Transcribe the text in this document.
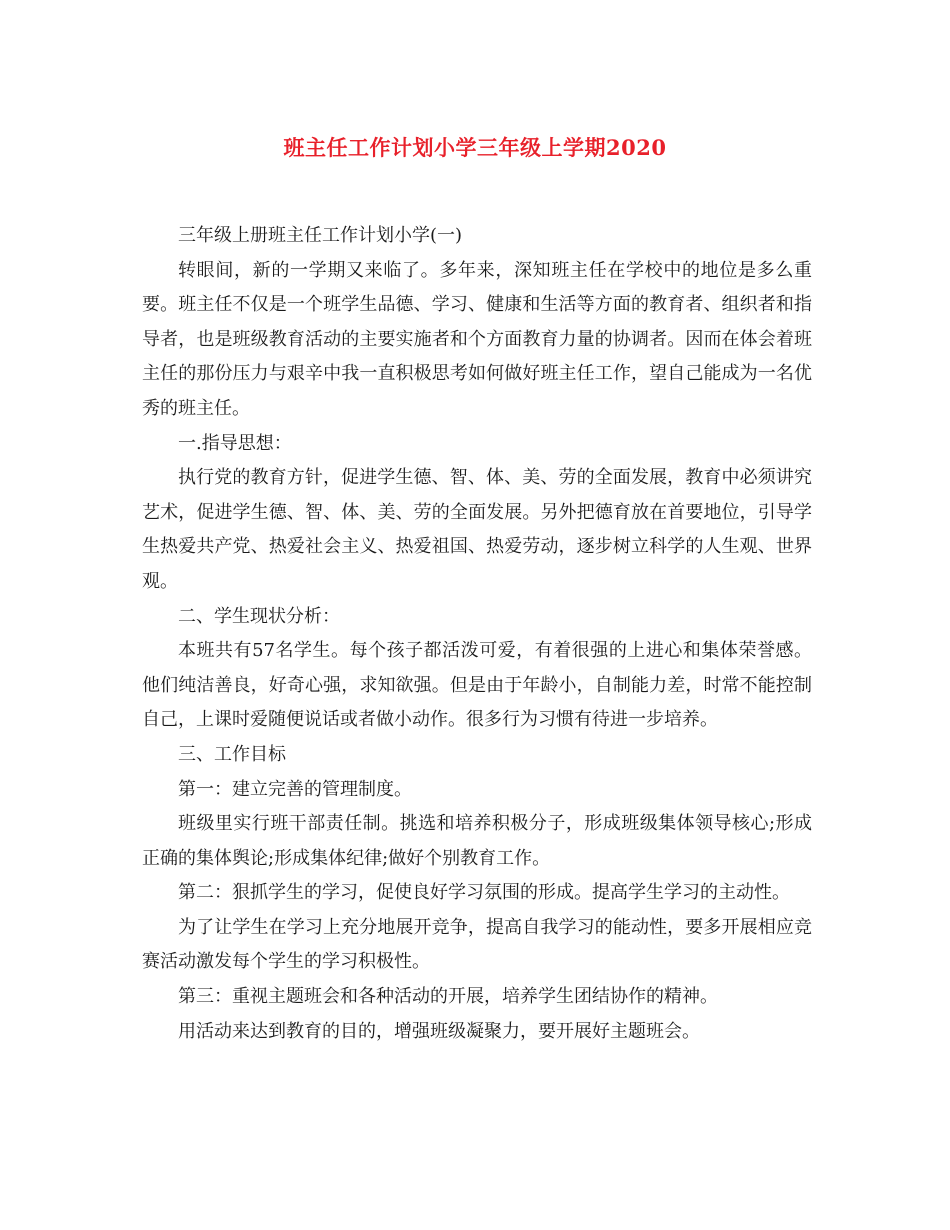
班主任工作计划小学三年级上学期2020

三年级上册班主任工作计划小学(一)

转眼间，新的一学期又来临了。多年来，深知班主任在学校中的地位是多么重要。班主任不仅是一个班学生品德、学习、健康和生活等方面的教育者、组织者和指导者，也是班级教育活动的主要实施者和个方面教育力量的协调者。因而在体会着班主任的那份压力与艰辛中我一直积极思考如何做好班主任工作，望自己能成为一名优秀的班主任。

一.指导思想：

执行党的教育方针，促进学生德、智、体、美、劳的全面发展，教育中必须讲究艺术，促进学生德、智、体、美、劳的全面发展。另外把德育放在首要地位，引导学生热爱共产党、热爱社会主义、热爱祖国、热爱劳动，逐步树立科学的人生观、世界观。

二、学生现状分析：

本班共有57名学生。每个孩子都活泼可爱，有着很强的上进心和集体荣誉感。他们纯洁善良，好奇心强，求知欲强。但是由于年龄小，自制能力差，时常不能控制自己，上课时爱随便说话或者做小动作。很多行为习惯有待进一步培养。

三、工作目标

第一：建立完善的管理制度。

班级里实行班干部责任制。挑选和培养积极分子，形成班级集体领导核心;形成正确的集体舆论;形成集体纪律;做好个别教育工作。

第二：狠抓学生的学习，促使良好学习氛围的形成。提高学生学习的主动性。

为了让学生在学习上充分地展开竞争，提高自我学习的能动性，要多开展相应竞赛活动激发每个学生的学习积极性。

第三：重视主题班会和各种活动的开展，培养学生团结协作的精神。

用活动来达到教育的目的，增强班级凝聚力，要开展好主题班会。
